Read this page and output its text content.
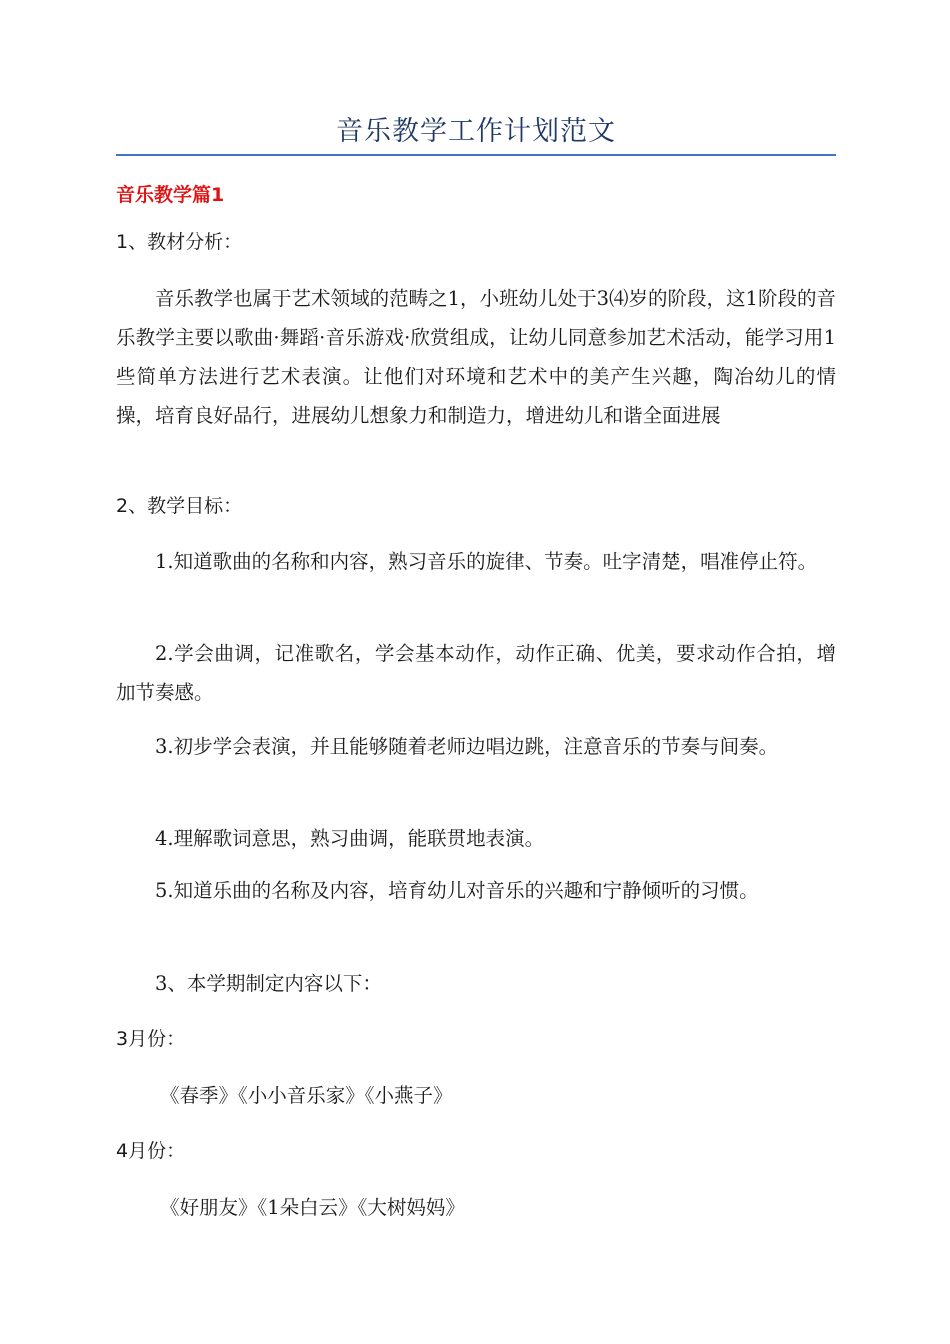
音乐教学工作计划范文
音乐教学篇1
1、教材分析：
音乐教学也属于艺术领域的范畴之1，小班幼儿处于3⑷岁的阶段，这1阶段的音乐教学主要以歌曲·舞蹈·音乐游戏·欣赏组成，让幼儿同意参加艺术活动，能学习用1些简单方法进行艺术表演。让他们对环境和艺术中的美产生兴趣，陶冶幼儿的情操，培育良好品行，进展幼儿想象力和制造力，增进幼儿和谐全面进展
2、教学目标：
1.知道歌曲的名称和内容，熟习音乐的旋律、节奏。吐字清楚，唱准停止符。
2.学会曲调，记准歌名，学会基本动作，动作正确、优美，要求动作合拍，增加节奏感。
3.初步学会表演，并且能够随着老师边唱边跳，注意音乐的节奏与间奏。
4.理解歌词意思，熟习曲调，能联贯地表演。
5.知道乐曲的名称及内容，培育幼儿对音乐的兴趣和宁静倾听的习惯。
3、本学期制定内容以下：
3月份：
《春季》《小小音乐家》《小燕子》
4月份：
《好朋友》《1朵白云》《大树妈妈》
